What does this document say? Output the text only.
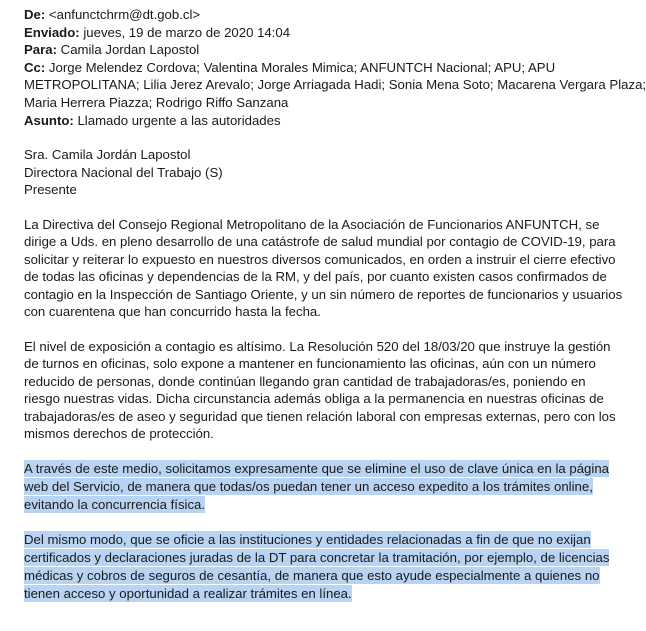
De: <anfunctchrm@dt.gob.cl>
Enviado: jueves, 19 de marzo de 2020 14:04
Para: Camila Jordan Lapostol
Cc: Jorge Melendez Cordova; Valentina Morales Mimica; ANFUNTCH Nacional; APU; APU
METROPOLITANA; Lilia Jerez Arevalo; Jorge Arriagada Hadi; Sonia Mena Soto; Macarena Vergara Plaza;
Maria Herrera Piazza; Rodrigo Riffo Sanzana
Asunto: Llamado urgente a las autoridades
Sra. Camila Jordán Lapostol
Directora Nacional del Trabajo (S)
Presente
La Directiva del Consejo Regional Metropolitano de la Asociación de Funcionarios ANFUNTCH, se
dirige a Uds. en pleno desarrollo de una catástrofe de salud mundial por contagio de COVID-19, para
solicitar y reiterar lo expuesto en nuestros diversos comunicados, en orden a instruir el cierre efectivo
de todas las oficinas y dependencias de la RM, y del país, por cuanto existen casos confirmados de
contagio en la Inspección de Santiago Oriente, y un sin número de reportes de funcionarios y usuarios
con cuarentena que han concurrido hasta la fecha.
El nivel de exposición a contagio es altísimo. La Resolución 520 del 18/03/20 que instruye la gestión
de turnos en oficinas, solo expone a mantener en funcionamiento las oficinas, aún con un número
reducido de personas, donde continúan llegando gran cantidad de trabajadoras/es, poniendo en
riesgo nuestras vidas. Dicha circunstancia además obliga a la permanencia en nuestras oficinas de
trabajadoras/es de aseo y seguridad que tienen relación laboral con empresas externas, pero con los
mismos derechos de protección.
A través de este medio, solicitamos expresamente que se elimine el uso de clave única en la página
web del Servicio, de manera que todas/os puedan tener un acceso expedito a los trámites online,
evitando la concurrencia física.
Del mismo modo, que se oficie a las instituciones y entidades relacionadas a fin de que no exijan
certificados y declaraciones juradas de la DT para concretar la tramitación, por ejemplo, de licencias
médicas y cobros de seguros de cesantía, de manera que esto ayude especialmente a quienes no
tienen acceso y oportunidad a realizar trámites en línea.
